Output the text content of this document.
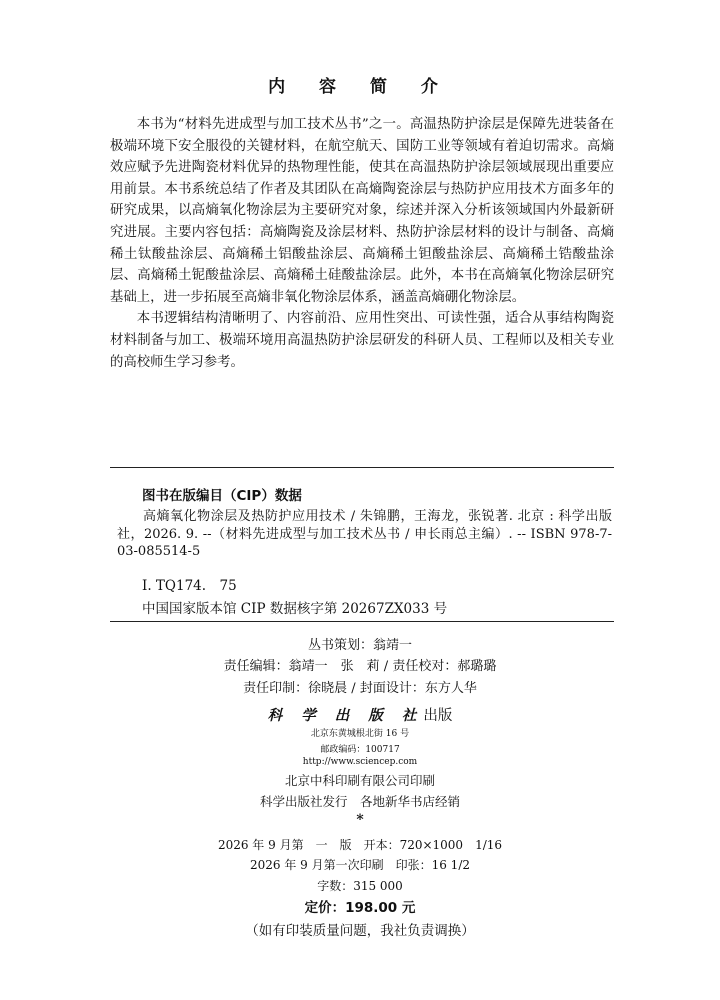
内 容 简 介

本书为“材料先进成型与加工技术丛书”之一。高温热防护涂层是保障先进装备在极端环境下安全服役的关键材料，在航空航天、国防工业等领域有着迫切需求。高熵效应赋予先进陶瓷材料优异的热物理性能，使其在高温热防护涂层领域展现出重要应用前景。本书系统总结了作者及其团队在高熵陶瓷涂层与热防护应用技术方面多年的研究成果，以高熵氧化物涂层为主要研究对象，综述并深入分析该领域国内外最新研究进展。主要内容包括：高熵陶瓷及涂层材料、热防护涂层材料的设计与制备、高熵稀土钛酸盐涂层、高熵稀土铝酸盐涂层、高熵稀土钽酸盐涂层、高熵稀土锆酸盐涂层、高熵稀土铌酸盐涂层、高熵稀土硅酸盐涂层。此外，本书在高熵氧化物涂层研究基础上，进一步拓展至高熵非氧化物涂层体系，涵盖高熵硼化物涂层。

本书逻辑结构清晰明了、内容前沿、应用性突出、可读性强，适合从事结构陶瓷材料制备与加工、极端环境用高温热防护涂层研发的科研人员、工程师以及相关专业的高校师生学习参考。

图书在版编目（CIP）数据

高熵氧化物涂层及热防护应用技术 / 朱锦鹏，王海龙，张锐著. 北京 : 科学出版社，2026. 9. --（材料先进成型与加工技术丛书 / 申长雨总主编）. -- ISBN 978-7-03-085514-5

Ⅰ. TQ174.　75
中国国家版本馆 CIP 数据核字第 20267ZX033 号
丛书策划：翁靖一
责任编辑：翁靖一　张　莉 / 责任校对：郝璐璐
责任印制：徐晓晨 / 封面设计：东方人华
科 学 出 版 社出版
北京东黄城根北街 16 号
邮政编码：100717
http://www.sciencep.com
北京中科印刷有限公司印刷
科学出版社发行　各地新华书店经销
*
2026 年 9 月第　一　版　开本：720×1000　1/16
2026 年 9 月第一次印刷　印张：16 1/2
字数：315 000
定价：198.00 元
（如有印装质量问题，我社负责调换）
